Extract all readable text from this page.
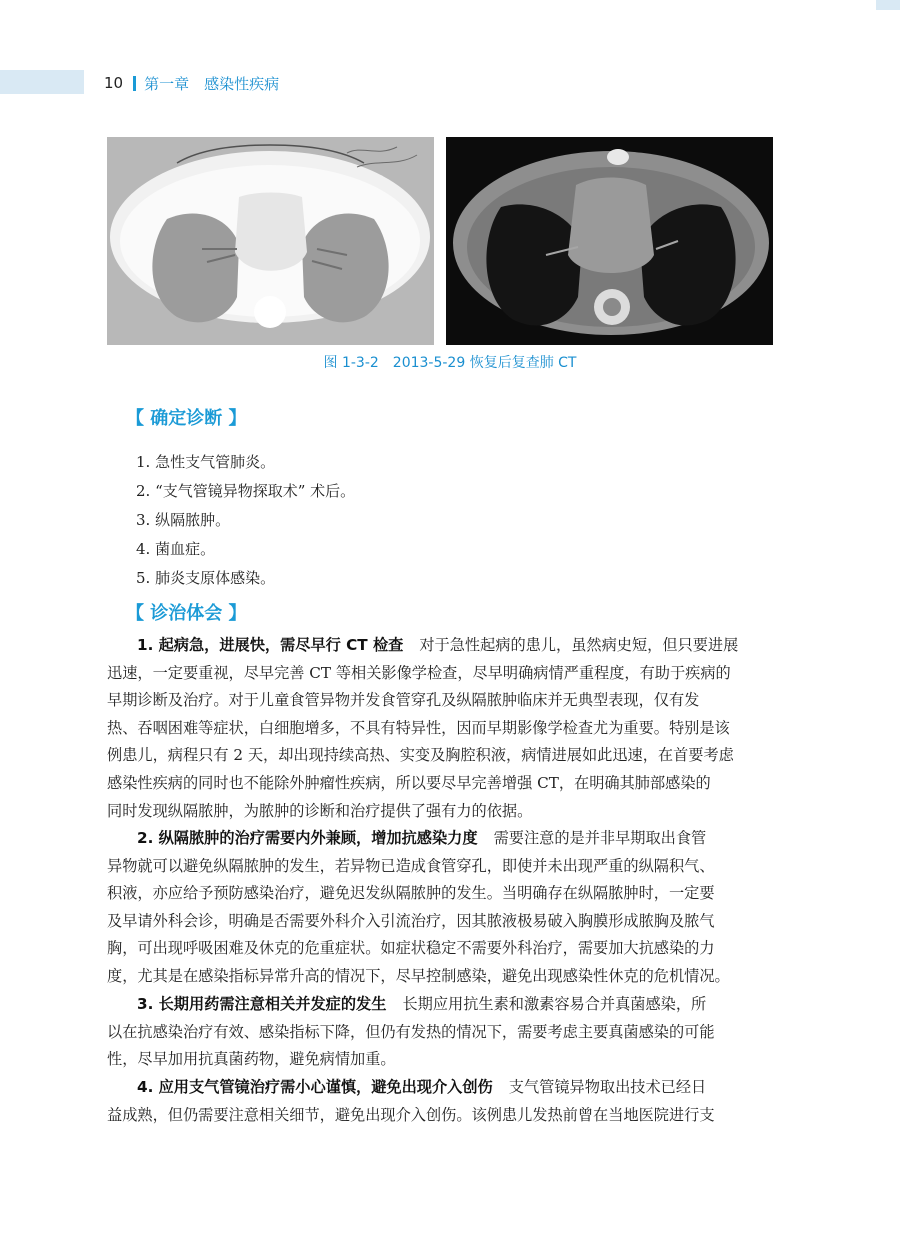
10 第一章　感染性疾病
图 1-3-2　2013-5-29 恢复后复查肺 CT
【 确定诊断 】
1. 急性支气管肺炎。
2. “支气管镜异物探取术” 术后。
3. 纵隔脓肿。
4. 菌血症。
5. 肺炎支原体感染。
【 诊治体会 】

1. 起病急，进展快，需尽早行 CT 检查 对于急性起病的患儿，虽然病史短，但只要进展

迅速，一定要重视，尽早完善 CT 等相关影像学检查，尽早明确病情严重程度，有助于疾病的

早期诊断及治疗。对于儿童食管异物并发食管穿孔及纵隔脓肿临床并无典型表现，仅有发

热、吞咽困难等症状，白细胞增多，不具有特异性，因而早期影像学检查尤为重要。特别是该

例患儿，病程只有 2 天，却出现持续高热、实变及胸腔积液，病情进展如此迅速，在首要考虑

感染性疾病的同时也不能除外肿瘤性疾病，所以要尽早完善增强 CT，在明确其肺部感染的

同时发现纵隔脓肿，为脓肿的诊断和治疗提供了强有力的依据。

2. 纵隔脓肿的治疗需要内外兼顾，增加抗感染力度 需要注意的是并非早期取出食管

异物就可以避免纵隔脓肿的发生，若异物已造成食管穿孔，即使并未出现严重的纵隔积气、

积液，亦应给予预防感染治疗，避免迟发纵隔脓肿的发生。当明确存在纵隔脓肿时，一定要

及早请外科会诊，明确是否需要外科介入引流治疗，因其脓液极易破入胸膜形成脓胸及脓气

胸，可出现呼吸困难及休克的危重症状。如症状稳定不需要外科治疗，需要加大抗感染的力

度，尤其是在感染指标异常升高的情况下，尽早控制感染，避免出现感染性休克的危机情况。

3. 长期用药需注意相关并发症的发生 长期应用抗生素和激素容易合并真菌感染，所

以在抗感染治疗有效、感染指标下降，但仍有发热的情况下，需要考虑主要真菌感染的可能

性，尽早加用抗真菌药物，避免病情加重。

4. 应用支气管镜治疗需小心谨慎，避免出现介入创伤 支气管镜异物取出技术已经日

益成熟，但仍需要注意相关细节，避免出现介入创伤。该例患儿发热前曾在当地医院进行支
